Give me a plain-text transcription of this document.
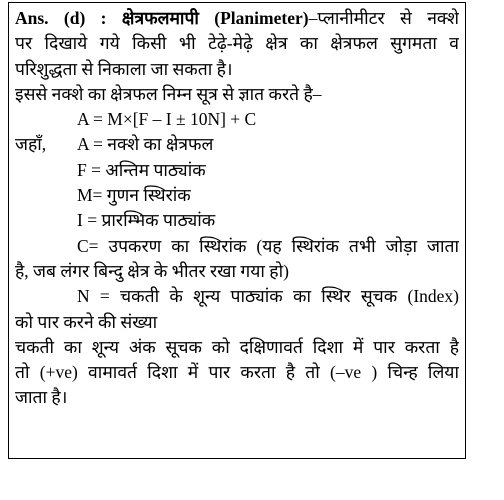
Ans. (d) : क्षेत्रफलमापी (Planimeter)–प्लानीमीटर से नक्शे
पर दिखाये गये किसी भी टेढ़े-मेढ़े क्षेत्र का क्षेत्रफल सुगमता व
परिशुद्धता से निकाला जा सकता है।
इससे नक्शे का क्षेत्रफल निम्न सूत्र से ज्ञात करते है–
A = M×[F – I ± 10N] + C
जहाँ, A = नक्शे का क्षेत्रफल
F = अन्तिम पाठ्यांक
M= गुणन स्थिरांक
I = प्रारम्भिक पाठ्यांक
C= उपकरण का स्थिरांक (यह स्थिरांक तभी जोड़ा जाता
है, जब लंगर बिन्दु क्षेत्र के भीतर रखा गया हो)
N = चकती के शून्य पाठ्यांक का स्थिर सूचक (Index)
को पार करने की संख्या
चकती का शून्य अंक सूचक को दक्षिणावर्त दिशा में पार करता है
तो (+ve) वामावर्त दिशा में पार करता है तो (–ve ) चिन्ह लिया
जाता है।
